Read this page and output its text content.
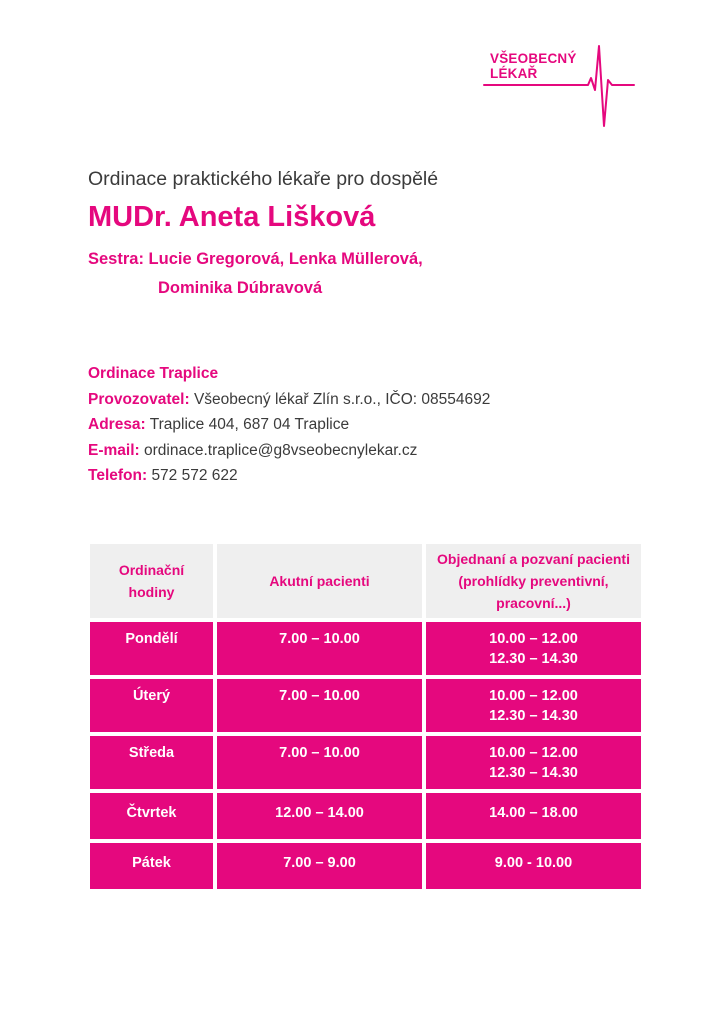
VŠEOBECNÝ
LÉKAŘ
Ordinace praktického lékaře pro dospělé
MUDr. Aneta Lišková
Sestra: Lucie Gregorová, Lenka Müllerová,
Dominika Dúbravová
Ordinace Traplice
Provozovatel: Všeobecný lékař Zlín s.r.o., IČO: 08554692
Adresa: Traplice 404, 687 04 Traplice
E-mail: ordinace.traplice@g8vseobecnylekar.cz
Telefon: 572 572 622
Ordinační hodiny	Akutní pacienti	Objednaní a pozvaní pacienti (prohlídky preventivní, pracovní...)
Pondělí	7.00 – 10.00	10.00 – 12.00
12.30 – 14.30

Úterý	7.00 – 10.00	10.00 – 12.00
12.30 – 14.30

Středa	7.00 – 10.00	10.00 – 12.00
12.30 – 14.30

Čtvrtek	12.00 – 14.00	14.00 – 18.00

Pátek	7.00 – 9.00	9.00 - 10.00
